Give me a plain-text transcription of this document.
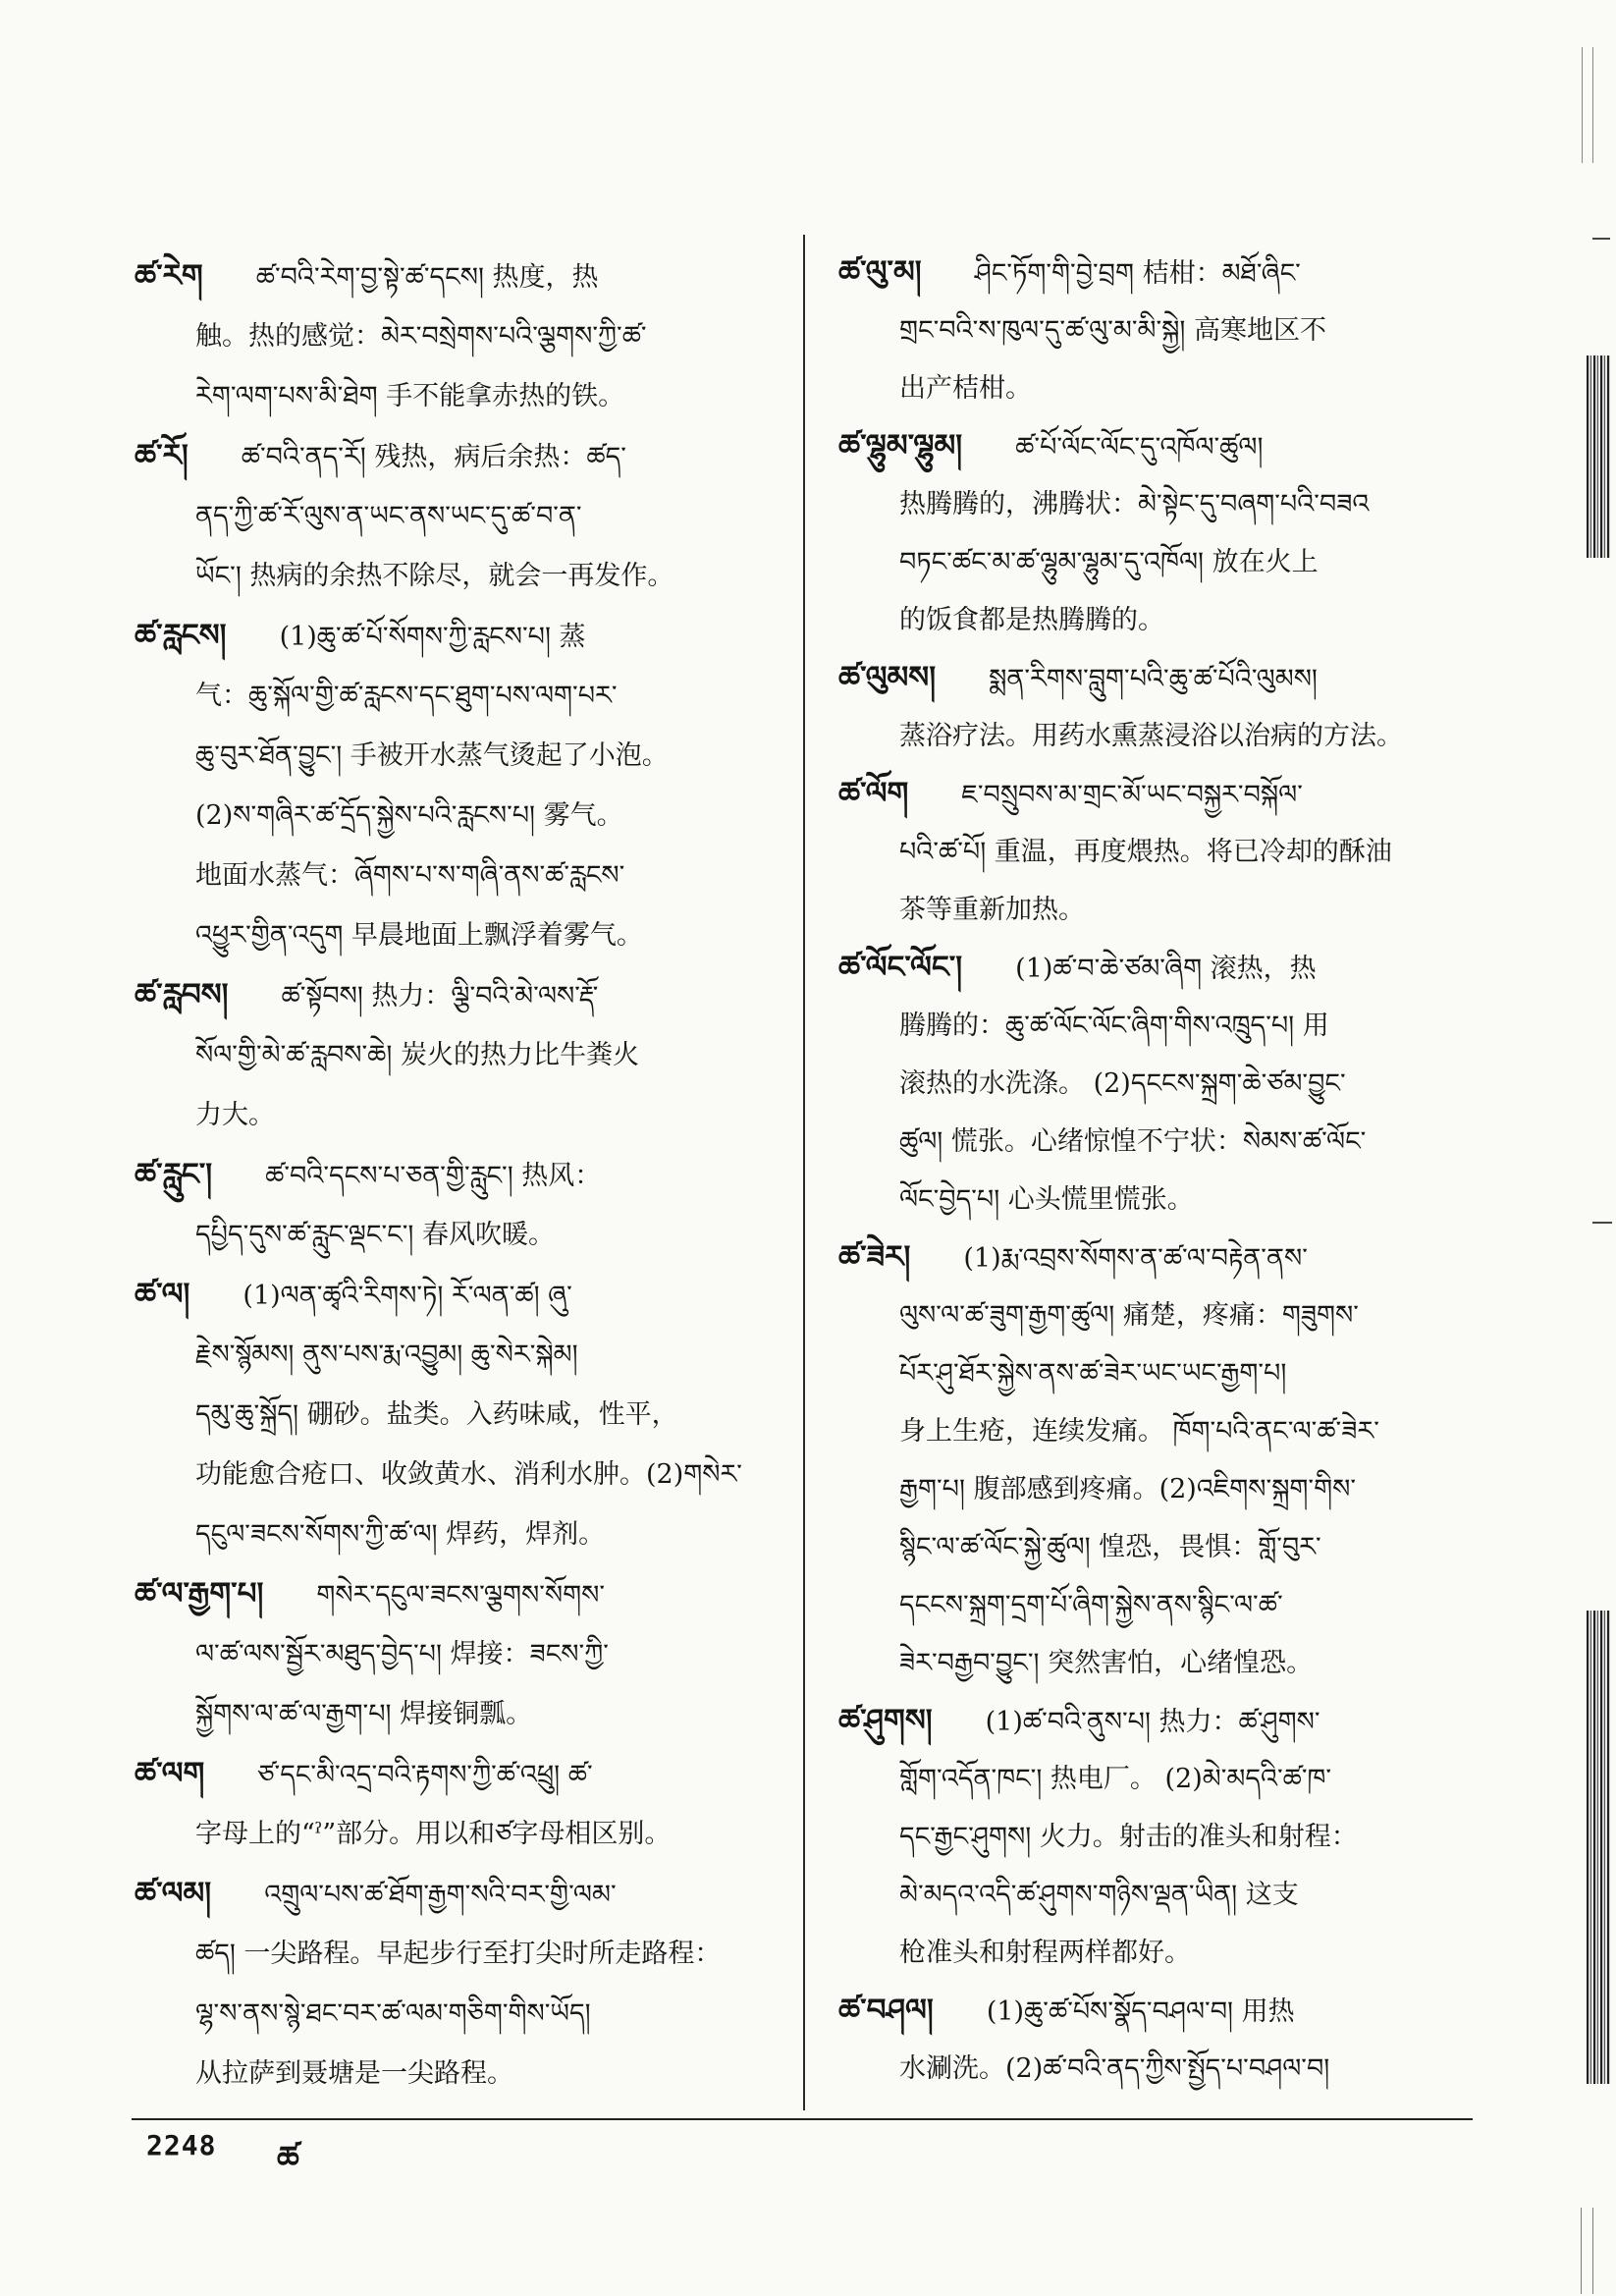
ཚ་རེག ཚ་བའི་རེག་བྱ་སྟེ་ཚ་དངས། 热度，热
触。热的感觉：མེར་བསྲེགས་པའི་ལྕགས་ཀྱི་ཚ་
རེག་ལག་པས་མི་ཐེག 手不能拿赤热的铁。
ཚ་རོ། ཚ་བའི་ནད་རོ། 残热，病后余热：ཚད་
ནད་ཀྱི་ཚ་རོ་ལུས་ན་ཡང་ནས་ཡང་དུ་ཚ་བ་ན་
ཡོང་། 热病的余热不除尽，就会一再发作。
ཚ་རླངས། (1)ཆུ་ཚ་པོ་སོགས་ཀྱི་རླངས་པ། 蒸
气：ཆུ་སྐོལ་གྱི་ཚ་རླངས་དང་ཐུག་པས་ལག་པར་
ཆུ་བུར་ཐོན་བྱུང་། 手被开水蒸气烫起了小泡。
(2)ས་གཞིར་ཚ་དྲོད་སྐྱེས་པའི་རླངས་པ། 雾气。
地面水蒸气：ཞོགས་པ་ས་གཞི་ནས་ཚ་རླངས་
འཕྱུར་གྱིན་འདུག 早晨地面上飘浮着雾气。
ཚ་རླབས། ཚ་སྟོབས། 热力：ལྕི་བའི་མེ་ལས་རྡོ་
སོལ་གྱི་མེ་ཚ་རླབས་ཆེ། 炭火的热力比牛粪火
力大。
ཚ་རླུང་། ཚ་བའི་དངས་པ་ཅན་གྱི་རླུང་། 热风：
དཔྱིད་དུས་ཚ་རླུང་ལྡང་ང་། 春风吹暖。
ཚ་ལ། (1)ལན་ཚྭའི་རིགས་ཏེ། རོ་ལན་ཚ། ཞུ་
རྗེས་སྙོམས། ནུས་པས་རྨ་འབྱུམ། ཆུ་སེར་སྐེམ།
དམུ་ཆུ་སྐྲོད། 硼砂。盐类。入药味咸，性平，
功能愈合疮口、收敛黄水、消利水肿。(2)གསེར་
དངུལ་ཟངས་སོགས་ཀྱི་ཚ་ལ། 焊药，焊剂。
ཚ་ལ་རྒྱག་པ། གསེར་དངུལ་ཟངས་ལྕགས་སོགས་
ལ་ཚ་ལས་སྦྱོར་མཐུད་བྱེད་པ། 焊接：ཟངས་ཀྱི་
སྐྱོགས་ལ་ཚ་ལ་རྒྱག་པ། 焊接铜瓢。
ཚ་ལག ཙ་དང་མི་འདྲ་བའི་རྟགས་ཀྱི་ཚ་འཕྲུ། ཚ་
字母上的“ˀ”部分。用以和ཙ字母相区别。
ཚ་ལམ། འགྲུལ་པས་ཚ་ཐོག་རྒྱག་སའི་བར་གྱི་ལམ་
ཚད། 一尖路程。早起步行至打尖时所走路程：
ལྷ་ས་ནས་སྙེ་ཐང་བར་ཚ་ལམ་གཅིག་གིས་ཡོད།
从拉萨到聂塘是一尖路程。
ཚ་ལུ་མ། ཤིང་ཏོག་གི་བྱེ་བྲག 桔柑：མཐོ་ཞིང་
གྲང་བའི་ས་ཁུལ་དུ་ཚ་ལུ་མ་མི་སྐྱེ། 高寒地区不
出产桔柑。
ཚ་ལྷུམ་ལྷུམ། ཚ་པོ་ལོང་ལོང་དུ་འཁོལ་ཚུལ།
热腾腾的，沸腾状：མེ་སྟེང་དུ་བཞག་པའི་བཟའ
བཏང་ཚང་མ་ཚ་ལྷུམ་ལྷུམ་དུ་འཁོལ། 放在火上
的饭食都是热腾腾的。
ཚ་ལུམས། སྨན་རིགས་བླུག་པའི་ཆུ་ཚ་པོའི་ལུམས།
蒸浴疗法。用药水熏蒸浸浴以治病的方法。
ཚ་ལོག ཇ་བསྲུབས་མ་གྲང་མོ་ཡང་བསྐྱར་བསྐོལ་
པའི་ཚ་པོ། 重温，再度煨热。将已冷却的酥油
茶等重新加热。
ཚ་ལོང་ལོང་། (1)ཚ་བ་ཆེ་ཙམ་ཞིག 滚热，热
腾腾的：ཆུ་ཚ་ལོང་ལོང་ཞིག་གིས་འཁྲུད་པ། 用
滚热的水洗涤。 (2)དངངས་སྐྲག་ཆེ་ཙམ་བྱུང་
ཚུལ། 慌张。心绪惊惶不宁状：སེམས་ཚ་ལོང་
ལོང་བྱེད་པ། 心头慌里慌张。
ཚ་ཟེར། (1)རྨ་འབྲས་སོགས་ན་ཚ་ལ་བརྟེན་ནས་
ལུས་ལ་ཚ་ཟུག་རྒྱག་ཚུལ། 痛楚，疼痛：གཟུགས་
པོར་ཤུ་ཐོར་སྐྱེས་ནས་ཚ་ཟེར་ཡང་ཡང་རྒྱག་པ།
身上生疮，连续发痛。 ཁོག་པའི་ནང་ལ་ཚ་ཟེར་
རྒྱག་པ། 腹部感到疼痛。(2)འཇིགས་སྐྲག་གིས་
སྙིང་ལ་ཚ་ལོང་སྐྱེ་ཚུལ། 惶恐，畏惧：གློ་བུར་
དངངས་སྐྲག་དྲག་པོ་ཞིག་སྐྱེས་ནས་སྙིང་ལ་ཚ་
ཟེར་བརྒྱབ་བྱུང་། 突然害怕，心绪惶恐。
ཚ་ཤུགས། (1)ཚ་བའི་ནུས་པ། 热力：ཚ་ཤུགས་
གློག་འདོན་ཁང་། 热电厂。 (2)མེ་མདའི་ཚ་ཁ་
དང་རྒྱང་ཤུགས། 火力。射击的准头和射程：
མེ་མདའ་འདི་ཚ་ཤུགས་གཉིས་ལྡན་ཡིན། 这支
枪准头和射程两样都好。
ཚ་བཤལ། (1)ཆུ་ཚ་པོས་སྣོད་བཤལ་བ། 用热
水涮洗。(2)ཚ་བའི་ནད་ཀྱིས་སྤྱོད་པ་བཤལ་བ།
2248 ཚ
